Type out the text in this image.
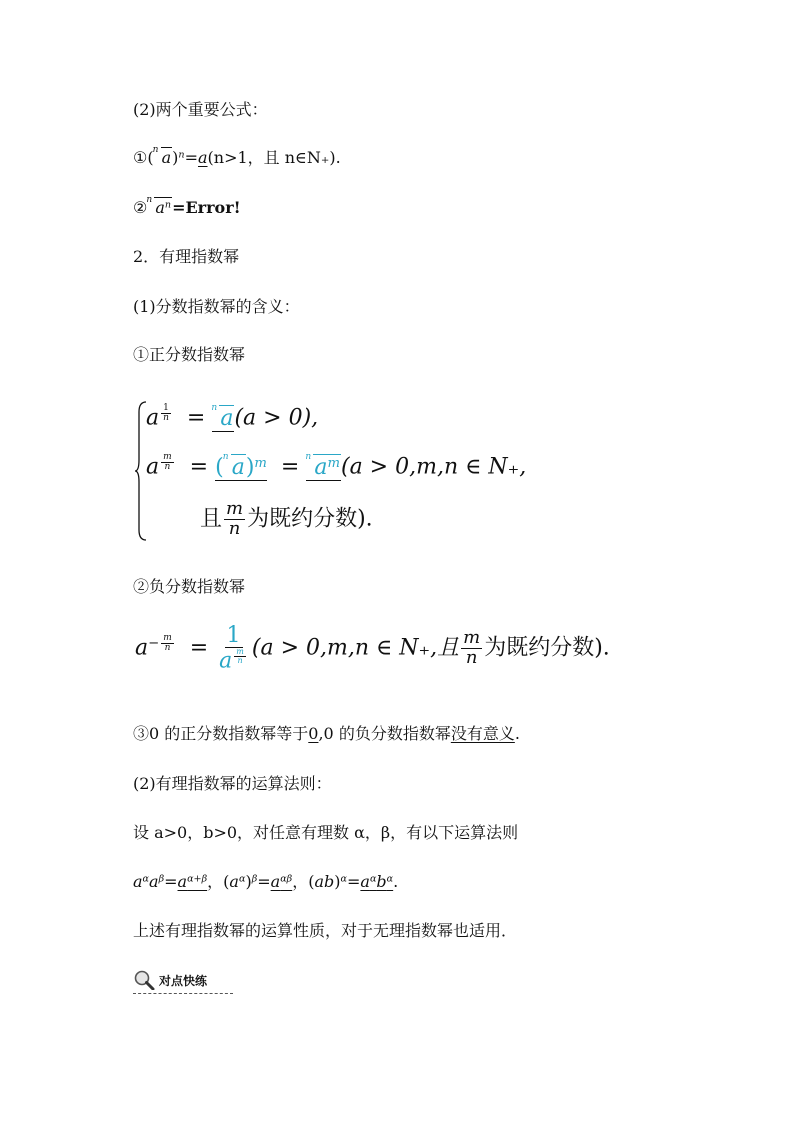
(2)两个重要公式：
①( n a)$^n$=a(n>1，且 n∈N₊).
② n $a^n=Error$!
2．有理指数幂
(1)分数指数幂的含义：
①正分数指数幂
a $^{\frac{1}{n}}$ = n a(a > 0),
a $^{\frac{m}{n}}$ = ( n a)$^m$  = n $a^m(a > 0,m,n$ ∈ N₊,
且 $\frac{m}{n}$ 为既约分数).
②负分数指数幂
$a^{- \frac{m}{n}} = 1$
a $^{\frac{m}{n}}$ (a > 0,m,n ∈ N₊,且 $\frac{m}{n}$ 为既约分数).
③0 的正分数指数幂等于0,0 的负分数指数幂没有意义.
(2)有理指数幂的运算法则：
设 a>0，b>0，对任意有理数 α，β，有以下运算法则
$a^\alpha a^\beta=a^{\alpha+\beta}$，$(a^\alpha)^\beta=a^{\alpha\beta}$，$(ab)^\alpha=a^\alpha b^\alpha$.
上述有理指数幂的运算性质，对于无理指数幂也适用．
对点快练
